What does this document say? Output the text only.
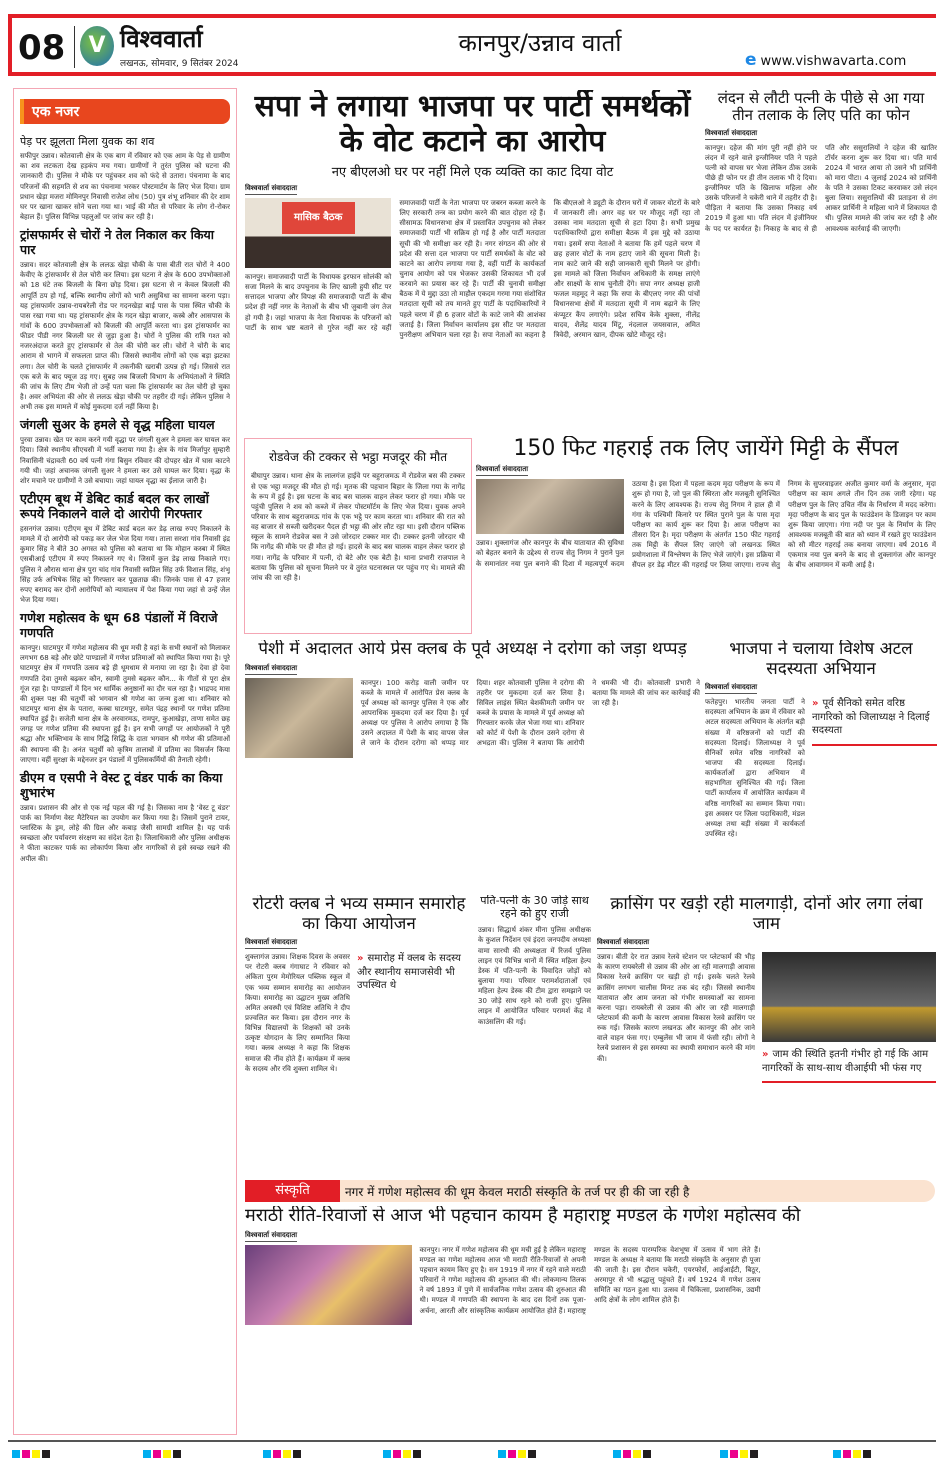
08	V विश्ववार्ता
लखनऊ, सोमवार, 9 सितंबर 2024
कानपुर/उन्नाव वार्ता
e www.vishwavarta.com
एक नजर
पेड़ पर झूलता मिला युवक का शव
सफीपुर उन्नाव। कोतवाली क्षेत्र के एक बाग में रविवार को एक आम के पेड़ से ग्रामीण का शव लटकता देख हड़कंप मच गया। ग्रामीणों ने तुरंत पुलिस को घटना की जानकारी दी। पुलिस ने मौके पर पहुंचकर शव को फंदे से उतारा। पंचनामा के बाद परिजनों की सहमति से शव का पंचनामा भरकर पोस्टमार्टम के लिए भेज दिया। ग्राम प्रधान खेड़ा मजरा मोमिनपुर निवासी राजेश लोध (50) पुत्र शंभू शनिवार की देर शाम घर पर खाना खाकर सोने चला गया था। भाई की मौत से परिवार के लोग रो-रोकर बेहाल हैं। पुलिस विभिन्न पहलुओं पर जांच कर रही है।
ट्रांसफार्मर से चोरों ने तेल निकाल कर किया पार
उन्नाव। सदर कोतवाली क्षेत्र के ललऊ खेड़ा चौकी के पास बीती रात चोरों ने 400 केवीए के ट्रांसफार्मर से तेल चोरी कर लिया। इस घटना ने क्षेत्र के 600 उपभोक्ताओं को 18 घंटे तक बिजली के बिना छोड़ दिया। इस घटना से न केवल बिजली की आपूर्ति ठप हो गई, बल्कि स्थानीय लोगों को भारी असुविधा का सामना करना पड़ा। यह ट्रांसफार्मर उन्नाव-रायबरेली रोड पर गदनखेड़ा बाई पास के पास स्थित चौकी के पास रखा गया था। यह ट्रांसफार्मर क्षेत्र के गदन खेड़ा बाजार, कस्बे और आसपास के गांवों के 600 उपभोक्ताओं को बिजली की आपूर्ति करता था। इस ट्रांसफार्मर का फीडर पीडी नगर बिजली घर से जुड़ा हुआ है। चोरों ने पुलिस की रात्रि गश्त को नजरअंदाज करते हुए ट्रांसफार्मर से तेल की चोरी कर ली। चोरों ने चोरी के बाद आराम से भागने में सफलता प्राप्त की। जिससे स्थानीय लोगों को एक बड़ा झटका लगा। तेल चोरी के चलते ट्रांसफार्मर में तकनीकी खराबी उत्पन्न हो गई। जिससे रात एक बजे के बाद फ्यूज उड़ गए। सुबह जब बिजली विभाग के अभियंताओं ने स्थिति की जांच के लिए टीम भेजी तो उन्हें पता चला कि ट्रांसफार्मर का तेल चोरी हो चुका है। अवर अभियंता की ओर से ललऊ खेड़ा चौकी पर तहरीर दी गई। लेकिन पुलिस ने अभी तक इस मामले में कोई मुकदमा दर्ज नहीं किया है।
जंगली सुअर के हमले से वृद्ध महिला घायल
पुरवा उन्नाव। खेत पर काम करने गयी वृद्धा पर जंगली सुअर ने हमला कर घायल कर दिया। जिसे स्थानीय सीएचसी में भर्ती कराया गया है। क्षेत्र के गांव मिर्जापुर सुम्हारी निवासिनी चंद्रावती 60 वर्ष पत्नी गंगा बिसुन रविवार की दोपहर खेत में घास काटने गयी थी। जहां अचानक जंगली सुअर ने हमला कर उसे घायल कर दिया। वृद्धा के शोर मचाने पर ग्रामीणों ने उसे बचाया। जहां घायल वृद्धा का ईलाज जारी है।
एटीएम बूथ में डेबिट कार्ड बदल कर लाखों रूपये निकालने वाले दो आरोपी गिरफ्तार
हसनगंज उन्नाव। एटीएम बूथ में डेबिट कार्ड बदल कर डेढ़ लाख रुपए निकालने के मामले में दो आरोपी को पकड़ कर जेल भेज दिया गया। ताला सरशा गांव निवासी इंद्र कुमार सिंह ने बीते 30 अगस्त को पुलिस को बताया था कि मोहान कस्बा में स्थित एसबीआई एटीएम में रुपए निकालने गए थे। जिसमें कुल डेढ़ लाख निकाले गए। पुलिस ने औरास थाना क्षेत्र पुरा चांद गांव निवासी स्वप्निल सिंह उर्फ विशाल सिंह, शंभू सिंह उर्फ अभिषेक सिंह को गिरफ्तार कर पूछताछ की। जिनके पास से 47 हजार रुपए बरामद कर दोनों आरोपियों को न्यायालय में पेश किया गया जहां से उन्हें जेल भेज दिया गया।
गणेश महोत्सव के धूम 68 पंडालों में विराजे गणपति
कानपुर। घाटमपुर में गणेश महोत्सव की धूम मची है वहां के सभी स्थानों को मिलाकर लगभग 68 बड़े और छोटे पाण्डालों में गणेश प्रतिमाओं को स्थापित किया गया है। पूरे घाटमपुर क्षेत्र में गणपति उत्सव बड़े ही धूमधाम से मनाया जा रहा है। देवा हो देवा गणपति देवा तुमसे बढ़कर कौन, स्वामी तुमसे बढ़कर कौन... के गीतों से पूरा क्षेत्र गूंज रहा है। पाण्डालों में दिन भर धार्मिक अनुष्ठानों का दौर चल रहा है। भाद्रपद मास की शुक्ल पक्ष की चतुर्थी को भगवान श्री गणेश का जन्म हुआ था। शनिवार को घाटमपुर थाना क्षेत्र के पतारा, कस्बा घाटमपुर, समेत पंद्रह स्थानों पर गणेश प्रतिमा स्थापित हुई है। सजेती थाना क्षेत्र के अरवारमऊ, रामपुर, कुआखेड़ा, ताणा समेत छह जगह पर गणेश प्रतिमा की स्थापना हुई है। इन सभी जगहों पर आयोजकों ने पूरी श्रद्धा और भक्तिभाव के साथ रिद्धि सिद्धि के दाता भगवान श्री गणेश की प्रतिमाओं की स्थापना की है। अनंत चतुर्थी को कृत्रिम तालाबों में प्रतिमा का विसर्जन किया जाएगा। वहीं सुरक्षा के मद्देनजर इन पंडालों में पुलिसकर्मियों की तैनाती रहेगी।
डीएम व एसपी ने वेस्ट टू वंडर पार्क का किया शुभारंभ
उन्नाव। प्रशासन की ओर से एक नई पहल की गई है। जिसका नाम है 'वेस्ट टू वंडर' पार्क का निर्माण वेस्ट मैटेरियल का उपयोग कर किया गया है। जिसमें पुराने टायर, प्लास्टिक के ड्रम, लोहे की ग्रिल और कबाड़ जैसी सामग्री शामिल है। यह पार्क स्वच्छता और पर्यावरण संरक्षण का संदेश देता है। जिलाधिकारी और पुलिस अधीक्षक ने फीता काटकर पार्क का लोकार्पण किया और नागरिकों से इसे स्वच्छ रखने की अपील की।
सपा ने लगाया भाजपा पर पार्टी समर्थकों के वोट कटाने का आरोप
नए बीएलओ घर पर नहीं मिले एक व्यक्ति का काट दिया वोट
विश्ववार्ता संवाददाता
मासिक बैठक
कानपुर। समाजवादी पार्टी के विधायक इरफान सोलंकी को सजा मिलने के बाद उपचुनाव के लिए खाली हुयी सीट पर सत्तादल भाजपा और विपक्ष की समाजवादी पार्टी के बीच प्रदेश ही नहीं नगर के नेताओं के बीच भी जुबानी जंग तेज हो गयी है। जहां भाजपा के नेता विधायक के परिजनों को पार्टी के साथ भ्रष्ट बताने से गुरेज नहीं कर रहे वहीं समाजवादी पार्टी के नेता भाजपा पर जबरन कब्जा करने के लिए सरकारी तन्त्र का प्रयोग करने की बात दोहरा रहे हैं। सीसामऊ विधानसभा क्षेत्र में प्रस्तावित उपचुनाव को लेकर समाजवादी पार्टी भी सक्रिय हो गई है और पार्टी मतदाता सूची की भी समीक्षा कर रही है। नगर संगठन की ओर से प्रदेश की सत्ता दल भाजपा पर पार्टी समर्थकों के वोट को काटने का आरोप लगाया गया है, वहीं पार्टी के कार्यकर्ता चुनाव आयोग को पत्र भेजकर उसकी शिकायत भी दर्ज करवाने का प्रयास कर रहे हैं। पार्टी की चुनावी समीक्षा बैठक में ये मुद्दा उठा तो माहौल एकदम गरमा गया संशोधित मतदाता सूची को तय मानते हुए पार्टी के पदाधिकारियों ने पहले चरण में ही 6 हजार वोटों के काटे जाने की आशंका जताई है। जिला निर्वाचन कार्यालय इस सीट पर मतदाता पुनरीक्षण अभियान चला रहा है। सपा नेताओं का कहना है कि बीएलओ ने ड्यूटी के दौरान घरों में जाकर वोटरों के बारे में जानकारी ली। अगर वह घर पर मौजूद नहीं रहा तो उसका नाम मतदाता सूची से हटा दिया है। सभी प्रमुख पदाधिकारियों द्वारा समीक्षा बैठक में इस मुद्दे को उठाया गया। इसमें सपा नेताओं ने बताया कि हमें पहले चरण में छह हजार वोटों के नाम हटाए जाने की सूचना मिली है। नाम काटे जाने की सही जानकारी सूची मिलने पर होगी। इस मामले को जिला निर्वाचन अधिकारी के समक्ष लाएंगे और साक्ष्यों के साथ चुनौती देंगे। सपा नगर अध्यक्ष हाजी फजल महमूद ने कहा कि सपा के बीएलए नगर की पांचों विधानसभा क्षेत्रों में मतदाता सूची में नाम बढ़ाने के लिए कंप्यूटर कैंप लगाएंगे। प्रदेश सचिव केके शुक्ला, नीलेंद्र यादव, शैलेंद्र यादव मिंटू, नंदलाल जयसवाल, अमित त्रिवेदी, अरमान खान, दीपक खोटे मौजूद रहे।
लंदन से लौटी पत्नी के पीछे से आ गया तीन तलाक के लिए पति का फोन
विश्ववार्ता संवाददाता
कानपुर। दहेज की मांग पूरी नहीं होने पर लंदन में रहने वाले इन्जीनियर पति ने पहले पत्नी को वापस घर भेजा लेकिन ठीक उसके पीछे ही फोन पर ही तीन तलाक भी दे दिया। इन्जीनियर पति के खिलाफ महिला और उसके परिजनों ने चकेरी थाने में तहरीर दी है। पीड़िता ने बताया कि उसका निकाह वर्ष 2019 में हुआ था। पति लंदन में इंजीनियर के पद पर कार्यरत है। निकाह के बाद से ही पति और ससुरालियों ने दहेज की खातिर टॉर्चर करना शुरू कर दिया था। पति मार्च 2024 में भारत आया तो उसने भी प्रार्थिनी को मारा पीटा। 4 जुलाई 2024 को प्रार्थिनी के पति ने उसका टिकट करवाकर उसे लंदन बुला लिया। ससुरालियों की प्रताड़ना से तंग आकर प्रार्थिनी ने महिला थाने में शिकायत दी थी। पुलिस मामले की जांच कर रही है और आवश्यक कार्रवाई की जाएगी।
रोडवेज की टक्कर से भट्ठा मजदूर की मौत
बीघापुर उन्नाव। थाना क्षेत्र के लालगंज हाईवे पर बहुराजमऊ में रोडवेज बस की टक्कर से एक भट्ठा मजदूर की मौत हो गई। मृतक की पहचान बिहार के जिला गया के नागेंद्र के रूप में हुई है। इस घटना के बाद बस चालक वाहन लेकर फरार हो गया। मौके पर पहुंची पुलिस ने शव को कब्जे में लेकर पोस्टमॉर्टम के लिए भेज दिया। युवक अपने परिवार के साथ बहुराजमऊ गांव के एक भट्ठे पर काम करता था। शनिवार की रात को वह बाजार से सब्जी खरीदकर पैदल ही भट्ठा की ओर लौट रहा था। इसी दौरान पब्लिक स्कूल के सामने रोडवेज बस ने उसे जोरदार टक्कर मार दी। टक्कर इतनी जोरदार थी कि नागेंद्र की मौके पर ही मौत हो गई। हादसे के बाद बस चालक वाहन लेकर फरार हो गया। नागेंद्र के परिवार में पत्नी, दो बेटे और एक बेटी है। थाना प्रभारी राजपाल ने बताया कि पुलिस को सूचना मिलने पर वे तुरंत घटनास्थल पर पहुंच गए थे। मामले की जांच की जा रही है।
150 फिट गहराई तक लिए जायेंगे मिट्टी के सैंपल
विश्ववार्ता संवाददाता
उन्नाव। शुक्लागंज और कानपुर के बीच यातायात की सुविधा को बेहतर बनाने के उद्देश्य से राज्य सेतु निगम ने पुराने पुल के समानांतर नया पुल बनाने की दिशा में महत्वपूर्ण कदम उठाया है। इस दिशा में पहला कदम मृदा परीक्षण के रूप में शुरू हो गया है, जो पुल की स्थिरता और मजबूती सुनिश्चित करने के लिए आवश्यक है। राज्य सेतु निगम ने हाल ही में गंगा के पश्चिमी किनारे पर स्थित पुराने पुल के पास मृदा परीक्षण का कार्य शुरू कर दिया है। आज परीक्षण का तीसरा दिन है। मृदा परीक्षण के अंतर्गत 150 फीट गहराई तक मिट्टी के सैंपल लिए जाएंगे जो लखनऊ स्थित प्रयोगशाला में विश्लेषण के लिए भेजे जाएंगे। इस प्रक्रिया में सैंपल हर डेढ़ मीटर की गहराई पर लिया जाएगा। राज्य सेतु निगम के सुपरवाइजर अजीत कुमार वर्मा के अनुसार, मृदा परीक्षण का काम अगले तीन दिन तक जारी रहेगा। यह परीक्षण पुल के लिए उचित नींव के निर्धारण में मदद करेगा। मृदा परीक्षण के बाद पुल के फाउंडेशन के डिजाइन पर काम शुरू किया जाएगा। गंगा नदी पर पुल के निर्माण के लिए आवश्यक मजबूती की बात को ध्यान में रखते हुए फाउंडेशन को सौ मीटर गहराई तक बनाया जाएगा। वर्ष 2016 में एकमात्र नया पुल बनने के बाद से शुक्लागंज और कानपुर के बीच आवागमन में कमी आई है।
पेशी में अदालत आये प्रेस क्लब के पूर्व अध्यक्ष ने दरोगा को जड़ा थप्पड़
विश्ववार्ता संवाददाता
कानपुर। 100 करोड़ वाली जमीन पर कब्जे के मामले में आरोपित प्रेस क्लब के पूर्व अध्यक्ष को कानपुर पुलिस ने एक और आपराधिक मुकदमा दर्ज कर दिया है। पूर्व अध्यक्ष पर पुलिस ने आरोप लगाया है कि उसने अदालत में पेशी के बाद वापस जेल ले जाने के दौरान दरोगा को थप्पड़ मार दिया। शहर कोतवाली पुलिस ने दरोगा की तहरीर पर मुकदमा दर्ज कर लिया है। सिविल लाइंस स्थित बेशकीमती जमीन पर कब्जे के प्रयास के मामले में पूर्व अध्यक्ष को गिरफ्तार करके जेल भेजा गया था। शनिवार को कोर्ट में पेशी के दौरान उसने दरोगा से अभद्रता की। पुलिस ने बताया कि आरोपी ने धमकी भी दी। कोतवाली प्रभारी ने बताया कि मामले की जांच कर कार्रवाई की जा रही है।
भाजपा ने चलाया विशेष अटल सदस्यता अभियान
विश्ववार्ता संवाददाता
फतेहपुर। भारतीय जनता पार्टी ने सदस्यता अभियान के क्रम में रविवार को अटल सदस्यता अभियान के अंतर्गत बड़ी संख्या में वरिष्ठजनों को पार्टी की सदस्यता दिलाई। जिलाध्यक्ष ने पूर्व सैनिकों समेत वरिष्ठ नागरिकों को भाजपा की सदस्यता दिलाई। कार्यकर्ताओं द्वारा अभियान में सहभागिता सुनिश्चित की गई। जिला पार्टी कार्यालय में आयोजित कार्यक्रम में वरिष्ठ नागरिकों का सम्मान किया गया। इस अवसर पर जिला पदाधिकारी, मंडल अध्यक्ष तथा बड़ी संख्या में कार्यकर्ता उपस्थित रहे।
» पूर्व सैनिको समेत वरिष्ठ नागरिको को जिलाध्यक्ष ने दिलाई सदस्यता
रोटरी क्लब ने भव्य सम्मान समारोह का किया आयोजन
विश्ववार्ता संवाददाता
शुक्लागंज उन्नाव। शिक्षक दिवस के अवसर पर रोटरी क्लब गंगाघाट ने रविवार को अंकिता पुरम मेमोरियल पब्लिक स्कूल में एक भव्य सम्मान समारोह का आयोजन किया। समारोह का उद्घाटन मुख्य अतिथि अमित अवस्थी एवं विशिष्ट अतिथि ने दीप प्रज्वलित कर किया। इस दौरान नगर के विभिन्न विद्यालयों के शिक्षकों को उनके उत्कृष्ट योगदान के लिए सम्मानित किया गया। क्लब अध्यक्ष ने कहा कि शिक्षक समाज की नींव होते हैं। कार्यक्रम में क्लब के सदस्य और रवि शुक्ला शामिल थे।
» समारोह में क्लब के सदस्य और स्थानीय समाजसेवी भी उपस्थित थे
पति-पत्नी के 30 जोड़े साथ रहने को हुए राजी
उन्नाव। सिद्धार्थ शंकर मीना पुलिस अधीक्षक के कुशल निर्देशन एवं इंदरा जनपदीय अध्यक्षा वामा सारथी की अध्यक्षता में रिजर्व पुलिस लाइन एवं विभिन्न थानों में स्थित महिला हेल्प डेस्क में पति-पत्नी के विवादित जोड़ों को बुलाया गया। परिवार परामर्शदाताओं एवं महिला हेल्प डेस्क की टीम द्वारा समझाने पर 30 जोड़े साथ रहने को राजी हुए। पुलिस लाइन में आयोजित परिवार परामर्श केंद्र में काउंसलिंग की गई।
क्रासिंग पर खड़ी रही मालगाड़ी, दोनों ओर लगा लंबा जाम
विश्ववार्ता संवाददाता
उन्नाव। बीती देर रात उन्नाव रेलवे स्टेशन पर प्लेटफार्म की भीड़ के कारण रायबरेली से उन्नाव की ओर आ रही मालगाड़ी आवास विकास रेलवे क्रासिंग पर खड़ी हो गई। इसके चलते रेलवे क्रासिंग लगभग चालीस मिनट तक बंद रही। जिससे स्थानीय यातायात और आम जनता को गंभीर समस्याओं का सामना करना पड़ा। रायबरेली से उन्नाव की ओर जा रही मालगाड़ी प्लेटफार्म की कमी के कारण आवास विकास रेलवे क्रासिंग पर रुक गई। जिसके कारण लखनऊ और कानपुर की ओर जाने वाले वाहन फंस गए। एम्बुलेंस भी जाम में फंसी रही। लोगों ने रेलवे प्रशासन से इस समस्या का स्थायी समाधान करने की मांग की।	» जाम की स्थिति इतनी गंभीर हो गई कि आम नागरिकों के साथ-साथ वीआईपी भी फंस गए
संस्कृति	नगर में गणेश महोत्सव की धूम केवल मराठी संस्कृति के तर्ज पर ही की जा रही है
मराठी रीति-रिवाजों से आज भी पहचान कायम है महाराष्ट्र मण्डल के गणेश महोत्सव की
विश्ववार्ता संवाददाता
कानपुर। नगर में गणेश महोत्सव की धूम मची हुई है लेकिन महाराष्ट्र मण्डल का गणेश महोत्सव आज भी मराठी रीति-रिवाजों से अपनी पहचान कायम किए हुए है। सन 1919 में नगर में रहने वाले मराठी परिवारों ने गणेश महोत्सव की शुरुआत की थी। लोकमान्य तिलक ने वर्ष 1893 में पुणे में सार्वजनिक गणेश उत्सव की शुरुआत की थी। मण्डल में गणपति की स्थापना के बाद दस दिनों तक पूजा-अर्चना, आरती और सांस्कृतिक कार्यक्रम आयोजित होते हैं। महाराष्ट्र मण्डल के सदस्य पारम्परिक वेशभूषा में उत्सव में भाग लेते हैं। मण्डल के अध्यक्ष ने बताया कि मराठी संस्कृति के अनुसार ही पूजा की जाती है। इस दौरान चकेरी, एयरफोर्स, आईआईटी, बिठूर, अरमापुर से भी श्रद्धालु पहुंचते हैं। वर्ष 1924 में गणेश उत्सव समिति का गठन हुआ था। उत्सव में चिकित्सा, प्रशासनिक, उद्यमी आदि क्षेत्रों के लोग शामिल होते हैं।
